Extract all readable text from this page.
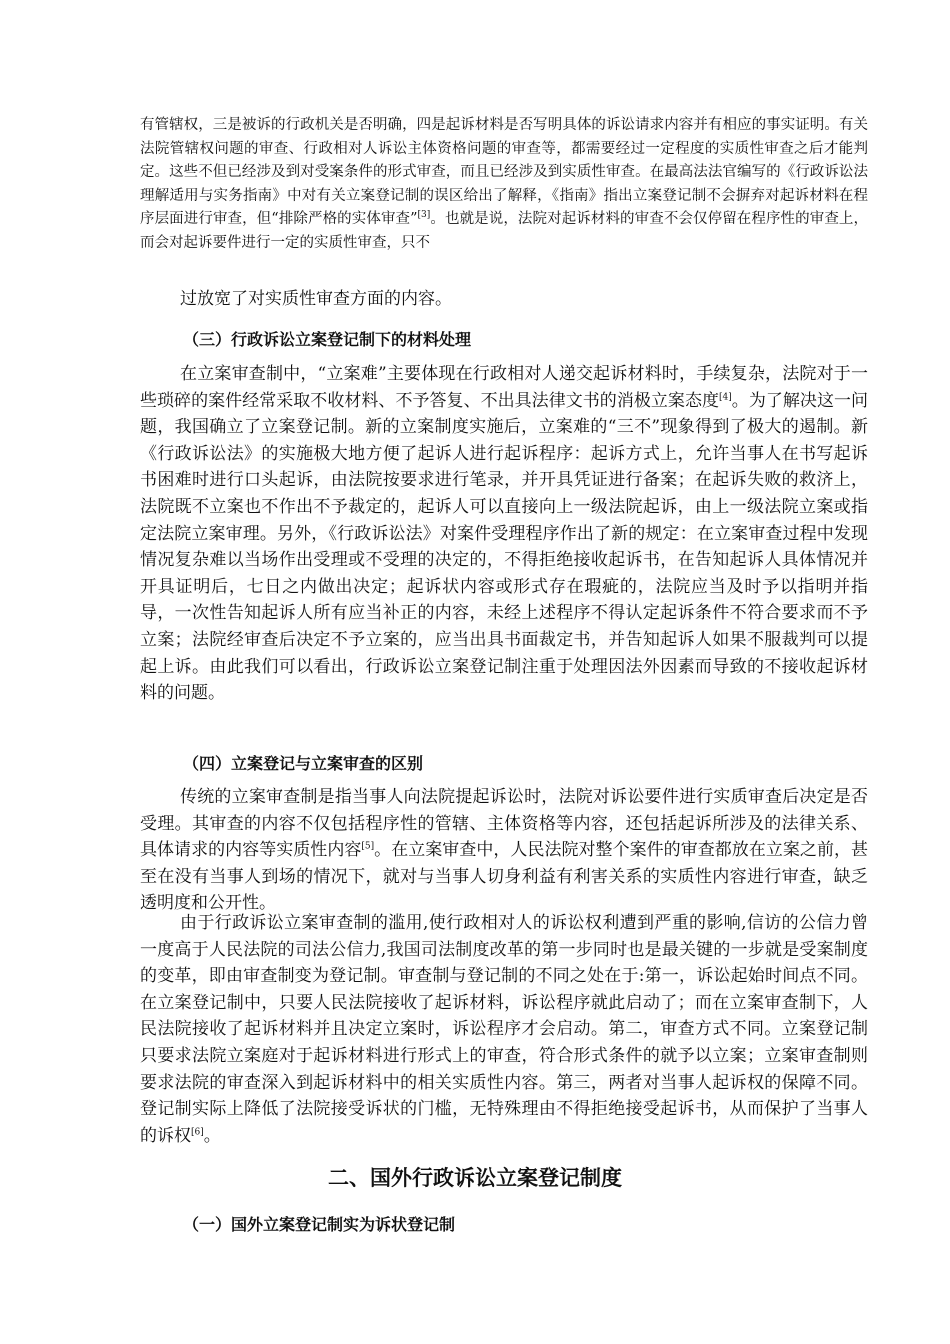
有管辖权，三是被诉的行政机关是否明确，四是起诉材料是否写明具体的诉讼请求内容并有相应的事实证明。有关法院管辖权问题的审查、行政相对人诉讼主体资格问题的审查等，都需要经过一定程度的实质性审查之后才能判定。这些不但已经涉及到对受案条件的形式审查，而且已经涉及到实质性审查。在最高法法官编写的《行政诉讼法理解适用与实务指南》中对有关立案登记制的误区给出了解释，《指南》指出立案登记制不会摒弃对起诉材料在程序层面进行审查，但“排除严格的实体审查”[3]。也就是说，法院对起诉材料的审查不会仅停留在程序性的审查上，而会对起诉要件进行一定的实质性审查，只不

过放宽了对实质性审查方面的内容。

（三）行政诉讼立案登记制下的材料处理

在立案审查制中，“立案难”主要体现在行政相对人递交起诉材料时，手续复杂，法院对于一些琐碎的案件经常采取不收材料、不予答复、不出具法律文书的消极立案态度[4]。为了解决这一问题，我国确立了立案登记制。新的立案制度实施后，立案难的“三不”现象得到了极大的遏制。新《行政诉讼法》的实施极大地方便了起诉人进行起诉程序：起诉方式上，允许当事人在书写起诉书困难时进行口头起诉，由法院按要求进行笔录，并开具凭证进行备案；在起诉失败的救济上，法院既不立案也不作出不予裁定的，起诉人可以直接向上一级法院起诉，由上一级法院立案或指定法院立案审理。另外，《行政诉讼法》对案件受理程序作出了新的规定：在立案审查过程中发现情况复杂难以当场作出受理或不受理的决定的，不得拒绝接收起诉书，在告知起诉人具体情况并开具证明后，七日之内做出决定；起诉状内容或形式存在瑕疵的，法院应当及时予以指明并指导，一次性告知起诉人所有应当补正的内容，未经上述程序不得认定起诉条件不符合要求而不予立案；法院经审查后决定不予立案的，应当出具书面裁定书，并告知起诉人如果不服裁判可以提起上诉。由此我们可以看出，行政诉讼立案登记制注重于处理因法外因素而导致的不接收起诉材料的问题。

（四）立案登记与立案审查的区别

传统的立案审查制是指当事人向法院提起诉讼时，法院对诉讼要件进行实质审查后决定是否受理。其审查的内容不仅包括程序性的管辖、主体资格等内容，还包括起诉所涉及的法律关系、具体请求的内容等实质性内容[5]。在立案审查中，人民法院对整个案件的审查都放在立案之前，甚至在没有当事人到场的情况下，就对与当事人切身利益有利害关系的实质性内容进行审查，缺乏透明度和公开性。

由于行政诉讼立案审查制的滥用,使行政相对人的诉讼权利遭到严重的影响,信访的公信力曾一度高于人民法院的司法公信力,我国司法制度改革的第一步同时也是最关键的一步就是受案制度的变革，即由审查制变为登记制。审查制与登记制的不同之处在于:第一，诉讼起始时间点不同。在立案登记制中，只要人民法院接收了起诉材料，诉讼程序就此启动了；而在立案审查制下，人民法院接收了起诉材料并且决定立案时，诉讼程序才会启动。第二，审查方式不同。立案登记制只要求法院立案庭对于起诉材料进行形式上的审查，符合形式条件的就予以立案；立案审查制则要求法院的审查深入到起诉材料中的相关实质性内容。第三，两者对当事人起诉权的保障不同。登记制实际上降低了法院接受诉状的门槛，无特殊理由不得拒绝接受起诉书，从而保护了当事人的诉权[6]。

二、国外行政诉讼立案登记制度

（一）国外立案登记制实为诉状登记制
